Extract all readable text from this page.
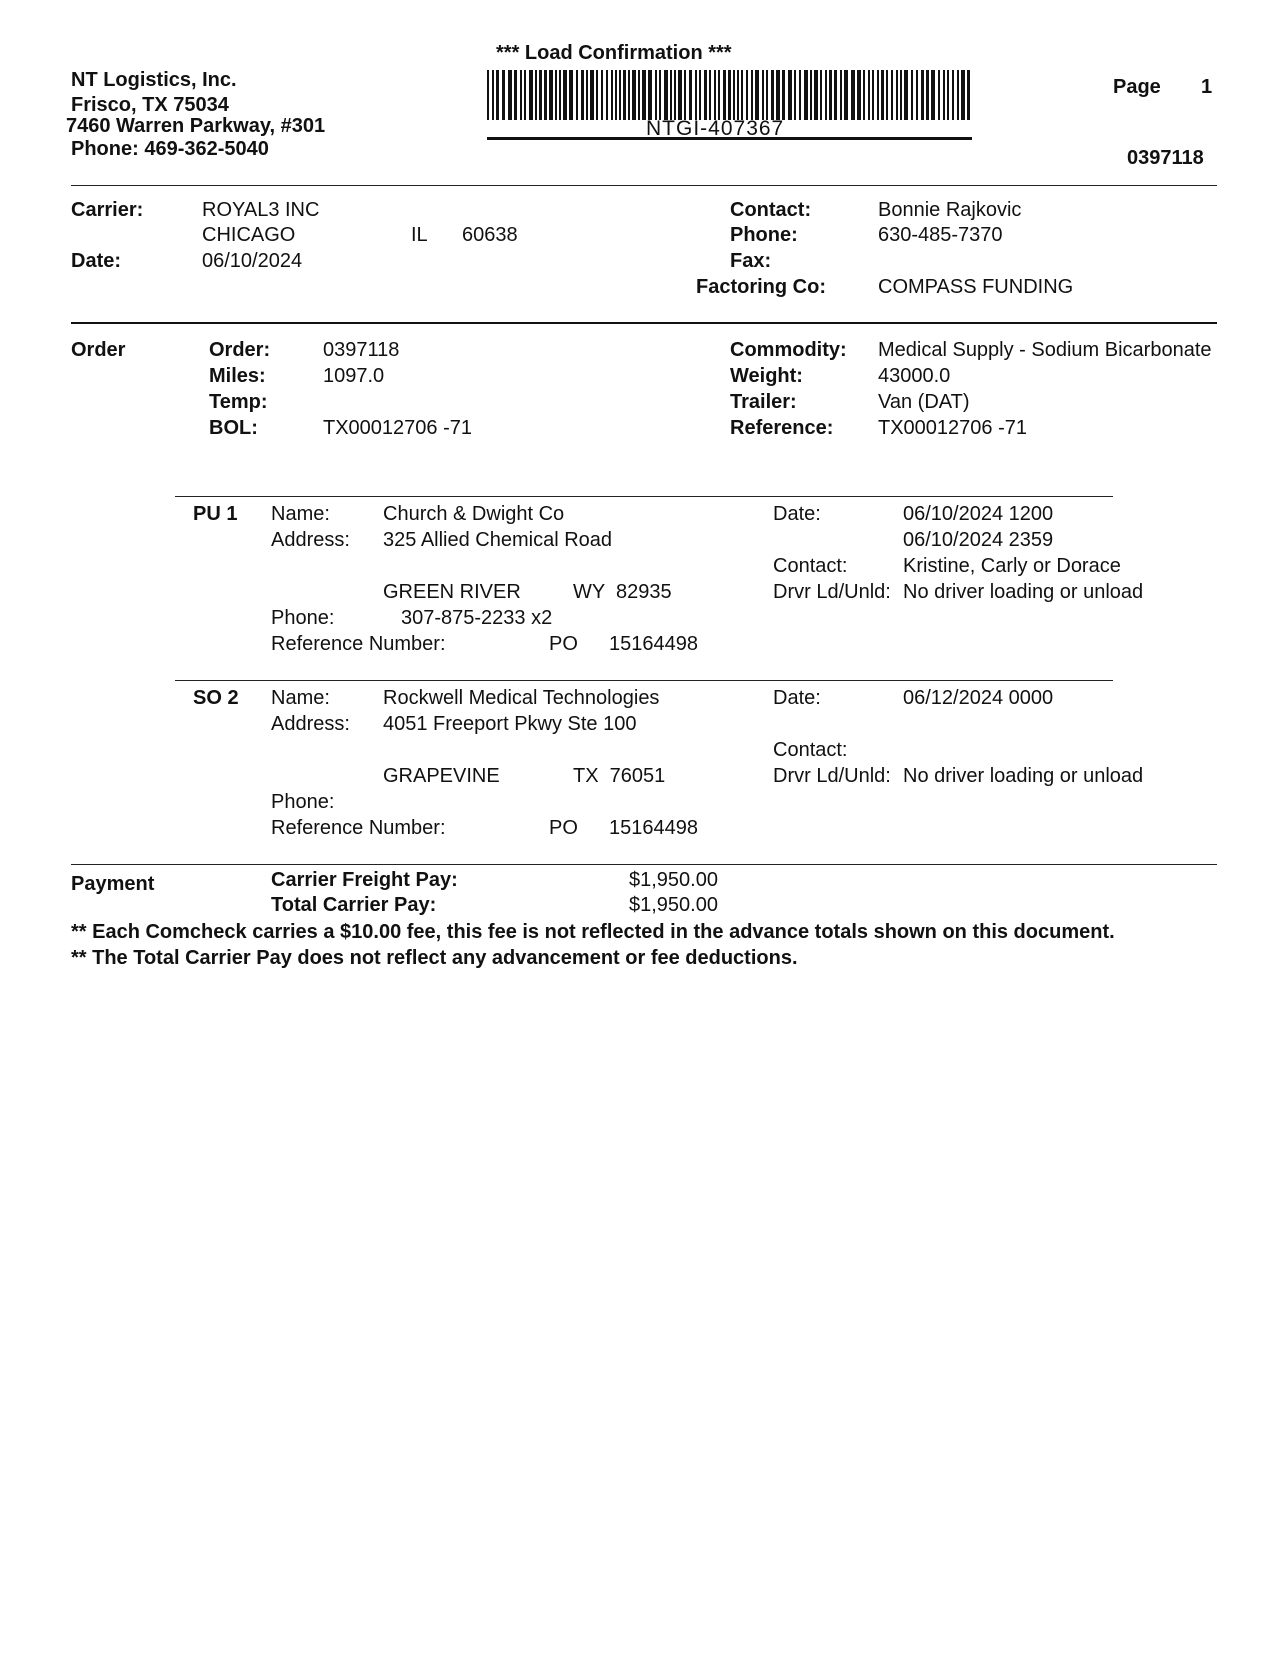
NT Logistics, Inc.
Frisco, TX 75034
7460 Warren Parkway, #301
Phone: 469-362-5040
*** Load Confirmation ***
NTGI-407367
Page 1
0397118
Carrier:	ROYAL3 INC
CHICAGO	IL 60638
Date:	06/10/2024
Contact:	Bonnie Rajkovic
Phone:	630-485-7370
Fax:
Factoring Co:	COMPASS FUNDING
Order	Order:	0397118
Miles:	1097.0
Temp:
BOL:	TX00012706 -71
Commodity: Medical Supply - Sodium Bicarbonate
Weight:	43000.0
Trailer:	Van (DAT)
Reference: TX00012706 -71
PU 1 Name:	Church & Dwight Co
Address: 325 Allied Chemical Road
GREEN RIVER	WY  82935
Phone:	307-875-2233 x2
Reference Number:	PO 15164498
Date:	06/10/2024 1200
06/10/2024 2359
Contact:	Kristine, Carly or Dorace
Drvr Ld/Unld: No driver loading or unload
SO 2 Name:	Rockwell Medical Technologies
Address: 4051 Freeport Pkwy Ste 100
GRAPEVINE	TX  76051
Phone:
Reference Number:	PO 15164498
Date:	06/12/2024 0000
Contact:
Drvr Ld/Unld: No driver loading or unload
Payment	Carrier Freight Pay:	$1,950.00
Total Carrier Pay:	$1,950.00
** Each Comcheck carries a $10.00 fee, this fee is not reflected in the advance totals shown on this document.
** The Total Carrier Pay does not reflect any advancement or fee deductions.
